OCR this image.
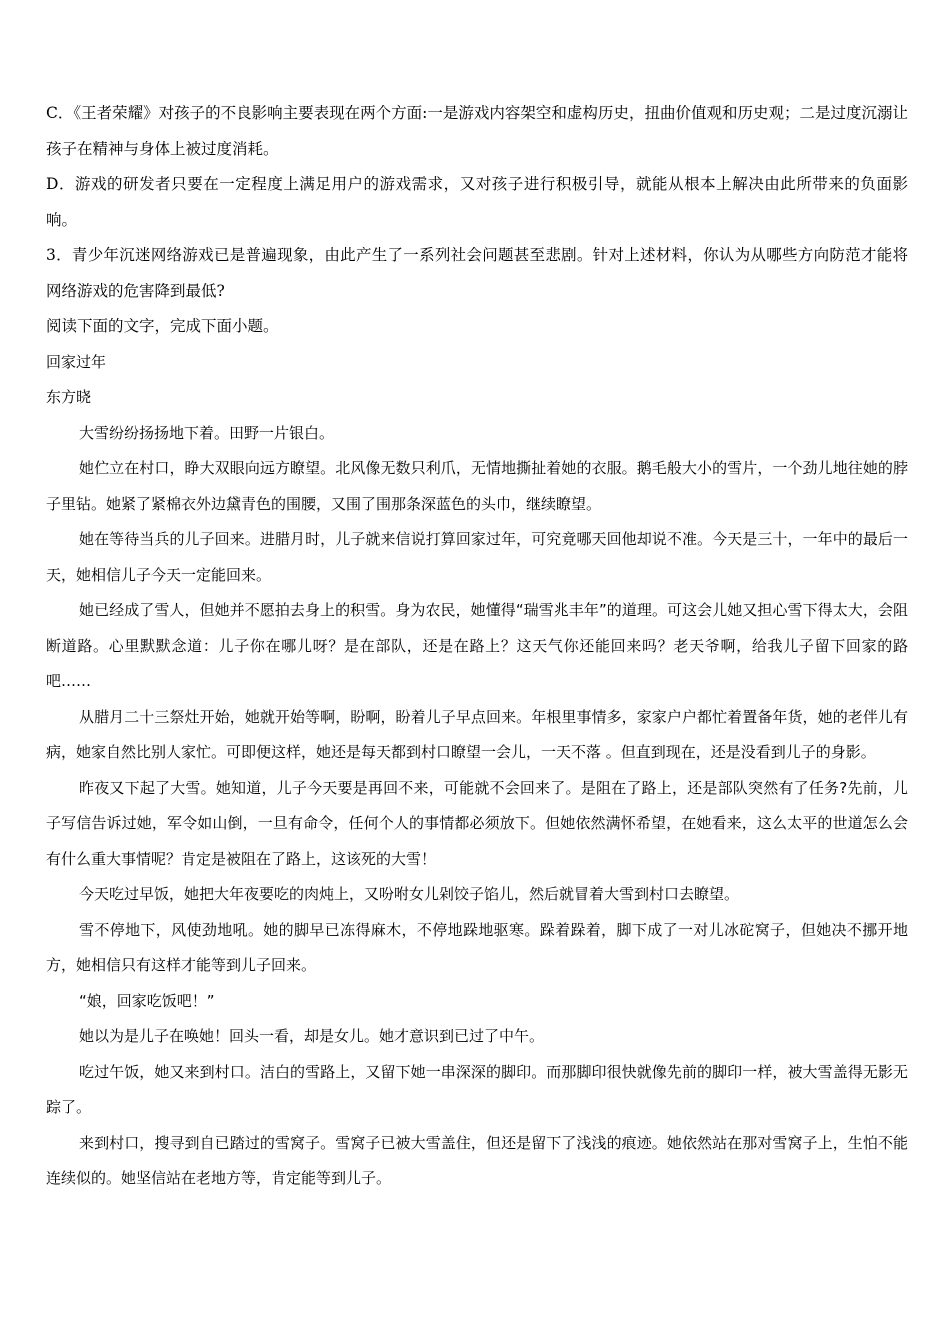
C．《王者荣耀》对孩子的不良影响主要表现在两个方面:一是游戏内容架空和虚构历史，扭曲价值观和历史观；二是过度沉溺让孩子在精神与身体上被过度消耗。

D．游戏的研发者只要在一定程度上满足用户的游戏需求，又对孩子进行积极引导，就能从根本上解决由此所带来的负面影响。

3．青少年沉迷网络游戏已是普遍现象，由此产生了一系列社会问题甚至悲剧。针对上述材料，你认为从哪些方向防范才能将网络游戏的危害降到最低?

阅读下面的文字，完成下面小题。

回家过年

东方晓

大雪纷纷扬扬地下着。田野一片银白。

她伫立在村口，睁大双眼向远方瞭望。北风像无数只利爪，无情地撕扯着她的衣服。鹅毛般大小的雪片，一个劲儿地往她的脖子里钻。她紧了紧棉衣外边黛青色的围腰，又围了围那条深蓝色的头巾，继续瞭望。

她在等待当兵的儿子回来。进腊月时，儿子就来信说打算回家过年，可究竟哪天回他却说不准。今天是三十，一年中的最后一天，她相信儿子今天一定能回来。

她已经成了雪人，但她并不愿拍去身上的积雪。身为农民，她懂得“瑞雪兆丰年”的道理。可这会儿她又担心雪下得太大，会阻断道路。心里默默念道：儿子你在哪儿呀？是在部队，还是在路上？这天气你还能回来吗？老天爷啊，给我儿子留下回家的路吧……

从腊月二十三祭灶开始，她就开始等啊，盼啊，盼着儿子早点回来。年根里事情多，家家户户都忙着置备年货，她的老伴儿有病，她家自然比别人家忙。可即便这样，她还是每天都到村口瞭望一会儿，一天不落 。但直到现在，还是没看到儿子的身影。

昨夜又下起了大雪。她知道，儿子今天要是再回不来，可能就不会回来了。是阻在了路上，还是部队突然有了任务?先前，儿子写信告诉过她，军令如山倒，一旦有命令，任何个人的事情都必须放下。但她依然满怀希望，在她看来，这么太平的世道怎么会有什么重大事情呢？肯定是被阻在了路上，这该死的大雪！

今天吃过早饭，她把大年夜要吃的肉炖上，又吩咐女儿剁饺子馅儿，然后就冒着大雪到村口去瞭望。

雪不停地下，风使劲地吼。她的脚早已冻得麻木，不停地跺地驱寒。跺着跺着，脚下成了一对儿冰砣窝子，但她决不挪开地方，她相信只有这样才能等到儿子回来。

“娘，回家吃饭吧！”

她以为是儿子在唤她！回头一看，却是女儿。她才意识到已过了中午。

吃过午饭，她又来到村口。洁白的雪路上，又留下她一串深深的脚印。而那脚印很快就像先前的脚印一样，被大雪盖得无影无踪了。

来到村口，搜寻到自已踏过的雪窝子。雪窝子已被大雪盖住，但还是留下了浅浅的痕迹。她依然站在那对雪窝子上，生怕不能连续似的。她坚信站在老地方等，肯定能等到儿子。
